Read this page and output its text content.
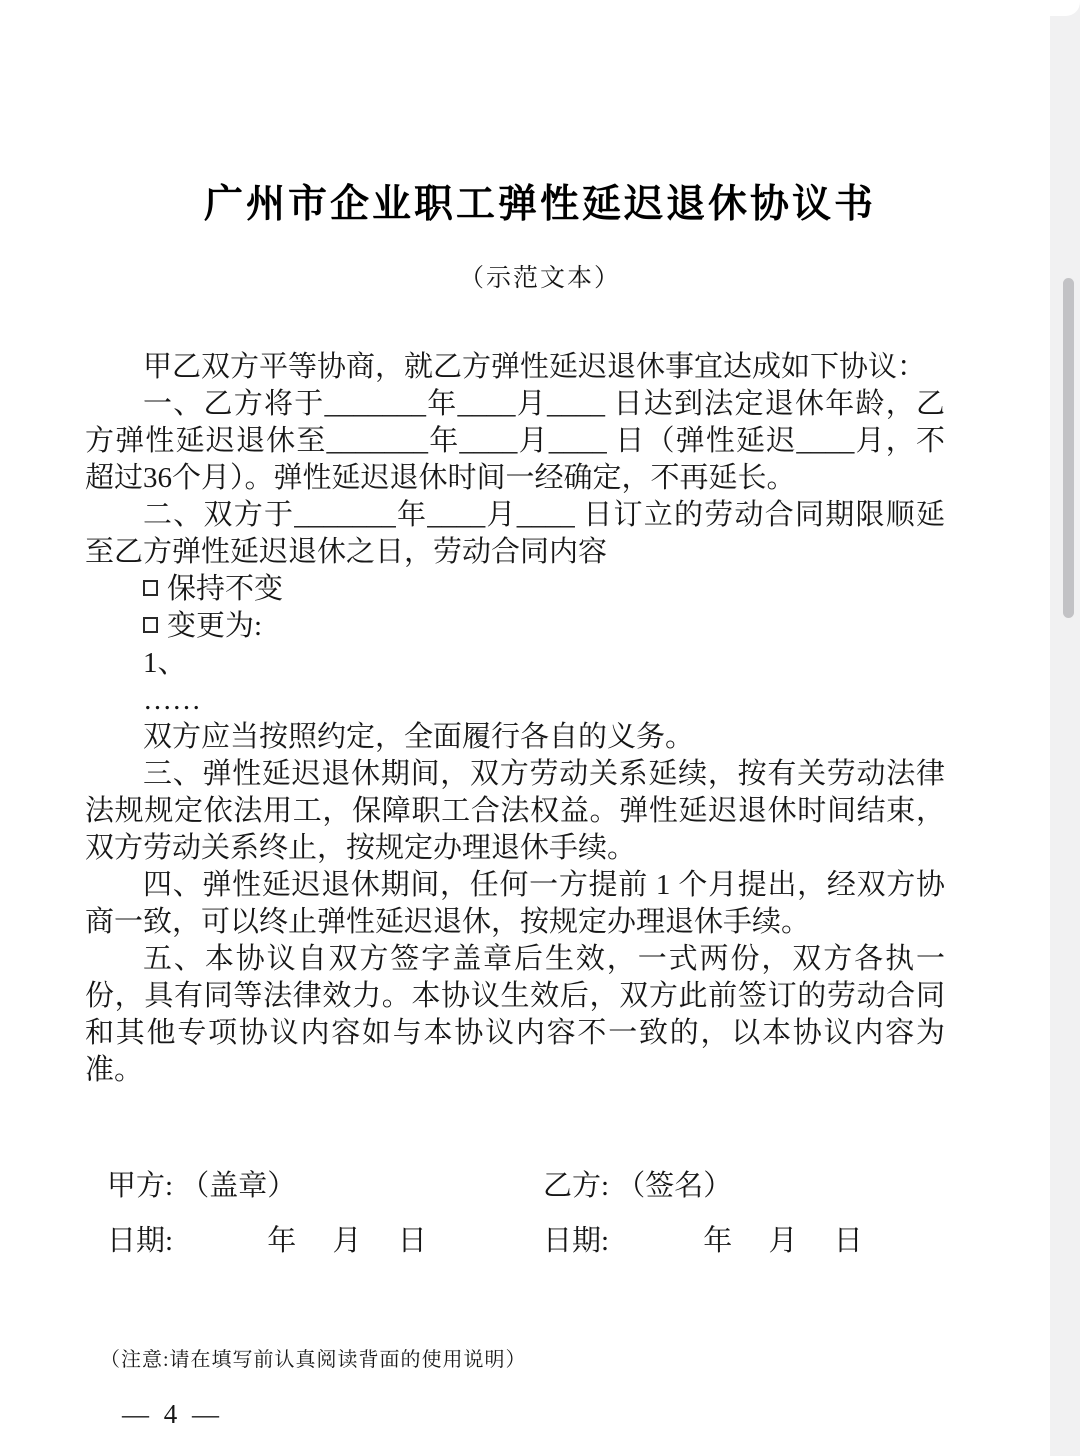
广州市企业职工弹性延迟退休协议书
（示范文本）

甲乙双方平等协商，就乙方弹性延迟退休事宜达成如下协议：

一、乙方将于_______年____月____ 日达到法定退休年龄，乙方弹性延迟退休至_______年____月____ 日（弹性延迟____月，不超过36个月）。弹性延迟退休时间一经确定，不再延长。

二、双方于_______年____月____ 日订立的劳动合同期限顺延至乙方弹性延迟退休之日，劳动合同内容

保持不变
变更为:

1、

……

双方应当按照约定，全面履行各自的义务。

三、弹性延迟退休期间，双方劳动关系延续，按有关劳动法律法规规定依法用工，保障职工合法权益。弹性延迟退休时间结束，双方劳动关系终止，按规定办理退休手续。

四、弹性延迟退休期间，任何一方提前 1 个月提出，经双方协商一致，可以终止弹性延迟退休，按规定办理退休手续。

五、本协议自双方签字盖章后生效，一式两份，双方各执一份，具有同等法律效力。本协议生效后，双方此前签订的劳动合同和其他专项协议内容如与本协议内容不一致的，以本协议内容为准。

甲方: （盖章）	乙方: （签名）
日期:　　　 年　 月　 日	日期:　　　 年　 月　 日
（注意:请在填写前认真阅读背面的使用说明）
— 4 —
